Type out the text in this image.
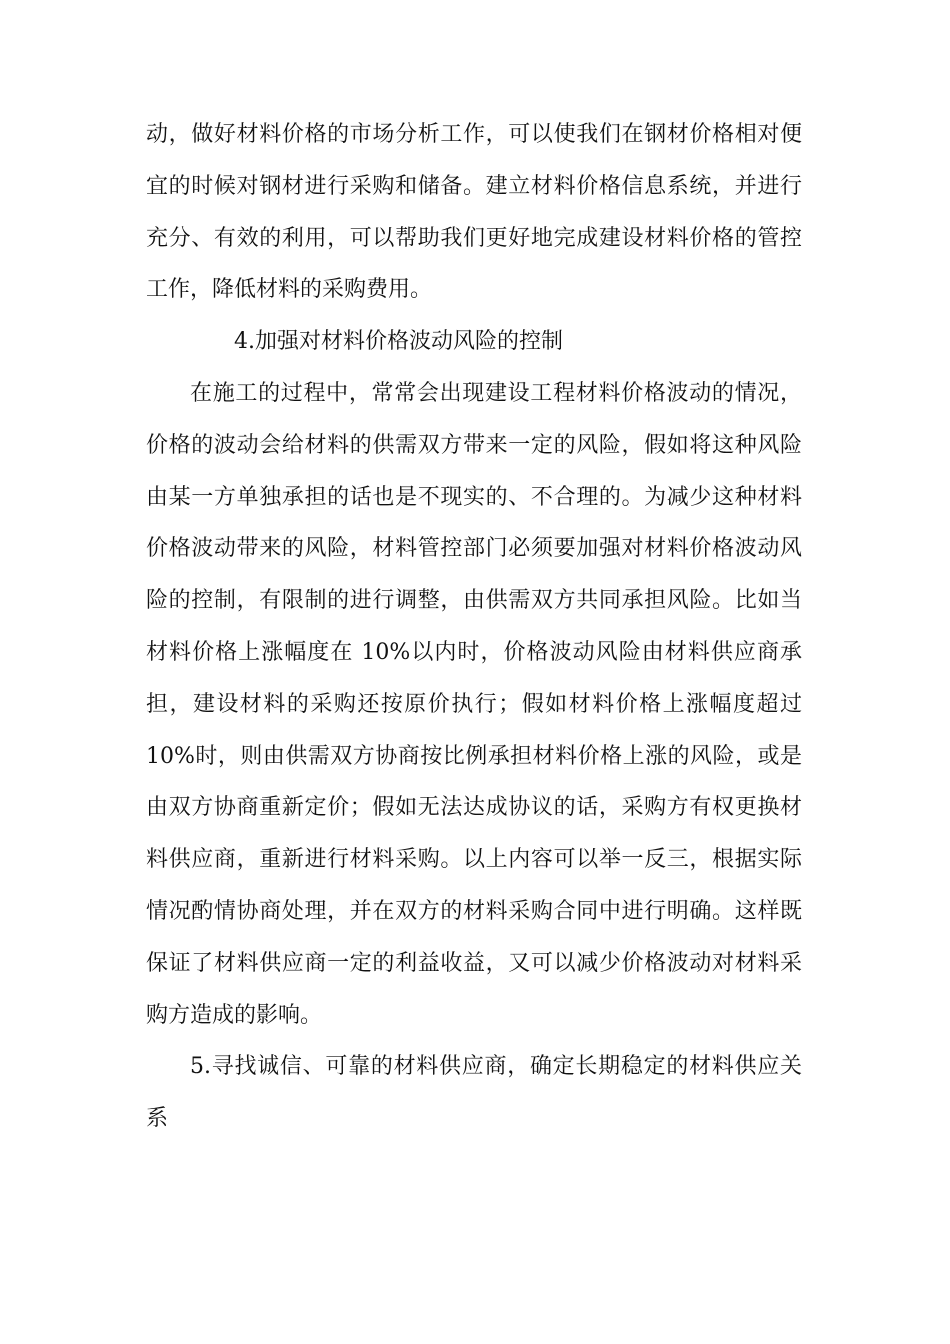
动，做好材料价格的市场分析工作，可以使我们在钢材价格相对便
宜的时候对钢材进行采购和储备。建立材料价格信息系统，并进行
充分、有效的利用，可以帮助我们更好地完成建设材料价格的管控
工作，降低材料的采购费用。

4.加强对材料价格波动风险的控制

在施工的过程中，常常会出现建设工程材料价格波动的情况，
价格的波动会给材料的供需双方带来一定的风险，假如将这种风险
由某一方单独承担的话也是不现实的、不合理的。为减少这种材料
价格波动带来的风险，材料管控部门必须要加强对材料价格波动风
险的控制，有限制的进行调整，由供需双方共同承担风险。比如当
材料价格上涨幅度在 10%以内时，价格波动风险由材料供应商承
担，建设材料的采购还按原价执行；假如材料价格上涨幅度超过
10%时，则由供需双方协商按比例承担材料价格上涨的风险，或是
由双方协商重新定价；假如无法达成协议的话，采购方有权更换材
料供应商，重新进行材料采购。以上内容可以举一反三，根据实际
情况酌情协商处理，并在双方的材料采购合同中进行明确。这样既
保证了材料供应商一定的利益收益，又可以减少价格波动对材料采
购方造成的影响。

5.寻找诚信、可靠的材料供应商，确定长期稳定的材料供应关
系
